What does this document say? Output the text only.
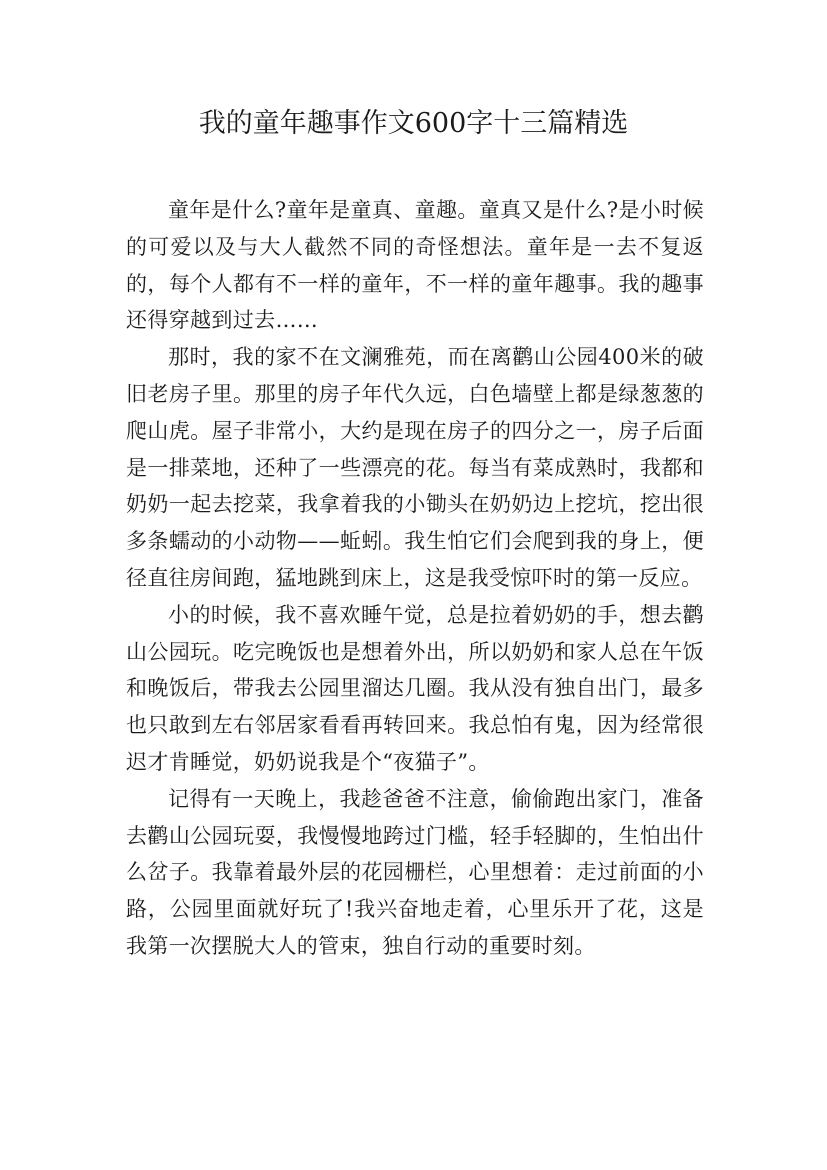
我的童年趣事作文600字十三篇精选

童年是什么?童年是童真、童趣。童真又是什么?是小时候的可爱以及与大人截然不同的奇怪想法。童年是一去不复返的，每个人都有不一样的童年，不一样的童年趣事。我的趣事还得穿越到过去……

那时，我的家不在文澜雅苑，而在离鹳山公园400米的破旧老房子里。那里的房子年代久远，白色墙壁上都是绿葱葱的爬山虎。屋子非常小，大约是现在房子的四分之一，房子后面是一排菜地，还种了一些漂亮的花。每当有菜成熟时，我都和奶奶一起去挖菜，我拿着我的小锄头在奶奶边上挖坑，挖出很多条蠕动的小动物——蚯蚓。我生怕它们会爬到我的身上，便径直往房间跑，猛地跳到床上，这是我受惊吓时的第一反应。

小的时候，我不喜欢睡午觉，总是拉着奶奶的手，想去鹳山公园玩。吃完晚饭也是想着外出，所以奶奶和家人总在午饭和晚饭后，带我去公园里溜达几圈。我从没有独自出门，最多也只敢到左右邻居家看看再转回来。我总怕有鬼，因为经常很迟才肯睡觉，奶奶说我是个“夜猫子”。

记得有一天晚上，我趁爸爸不注意，偷偷跑出家门，准备去鹳山公园玩耍，我慢慢地跨过门槛，轻手轻脚的，生怕出什么岔子。我靠着最外层的花园栅栏，心里想着：走过前面的小路，公园里面就好玩了!我兴奋地走着，心里乐开了花，这是我第一次摆脱大人的管束，独自行动的重要时刻。
